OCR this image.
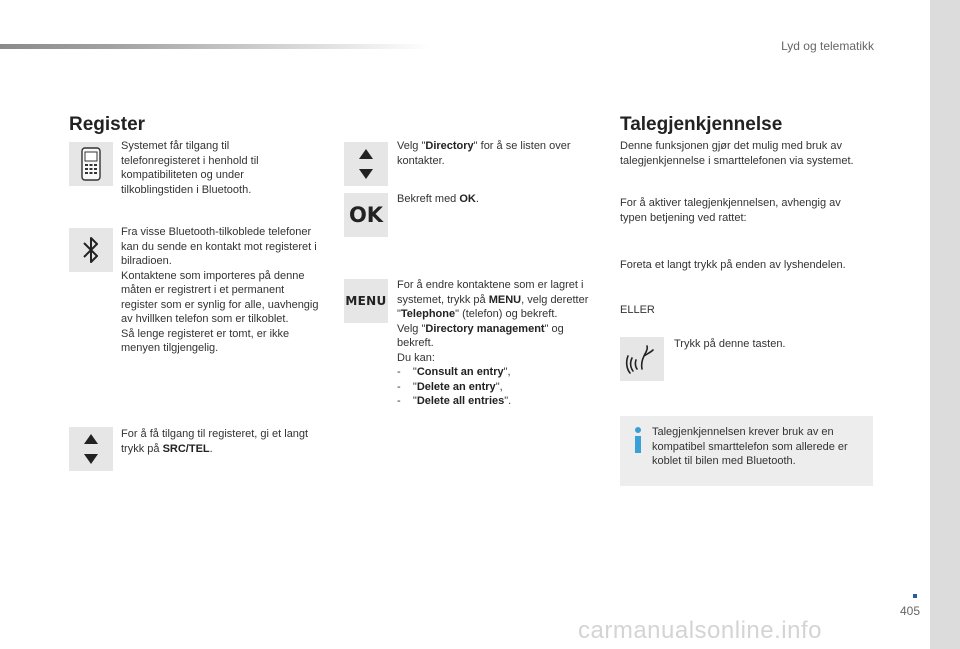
Lyd og telematikk
Register
Systemet får tilgang til telefonregisteret i henhold til kompatibiliteten og under tilkoblingstiden i Bluetooth.
Fra visse Bluetooth-tilkoblede telefoner kan du sende en kontakt mot registeret i bilradioen.
Kontaktene som importeres på denne måten er registrert i et permanent register som er synlig for alle, uavhengig av hvillken telefon som er tilkoblet.
Så lenge registeret er tomt, er ikke menyen tilgjengelig.
For å få tilgang til registeret, gi et langt trykk på SRC/TEL.
Velg "Directory" for å se listen over kontakter.
OK
Bekreft med OK.
MENU
For å endre kontaktene som er lagret i systemet, trykk på MENU, velg deretter "Telephone" (telefon) og bekreft.
Velg "Directory management" og bekreft.
Du kan:
- "Consult an entry",
- "Delete an entry",
- "Delete all entries".
Talegjenkjennelse
Denne funksjonen gjør det mulig med bruk av talegjenkjennelse i smarttelefonen via systemet.
For å aktiver talegjenkjennelsen, avhengig av typen betjening ved rattet:
Foreta et langt trykk på enden av lyshendelen.
ELLER
Trykk på denne tasten.
Talegjenkjennelsen krever bruk av en kompatibel smarttelefon som allerede er koblet til bilen med Bluetooth.
405
carmanualsonline.info
